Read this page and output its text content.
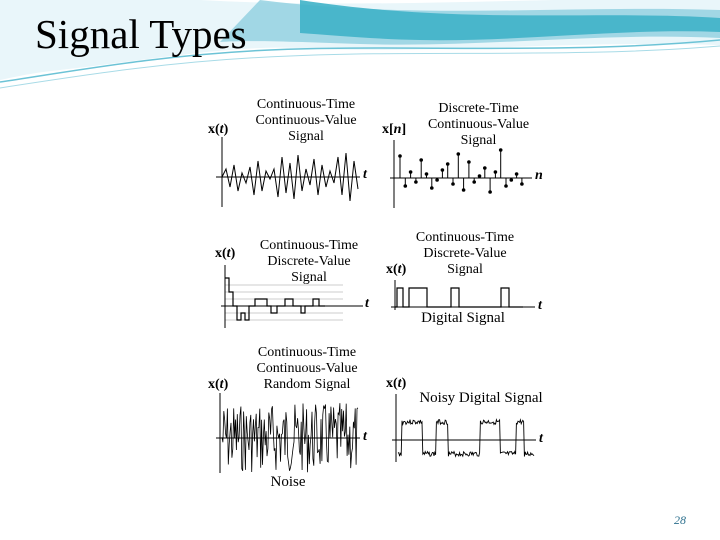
Signal Types
Continuous-Time
Continuous-Value
Signal
x(t)
t
Discrete-Time
Continuous-Value
Signal
x[n]
n
Continuous-Time
Discrete-Value
Signal
x(t)
t
Continuous-Time
Discrete-Value
Signal
x(t)
t
Digital Signal
Continuous-Time
Continuous-Value
Random Signal
x(t)
t
Noise
x(t)
Noisy Digital Signal
t
28
